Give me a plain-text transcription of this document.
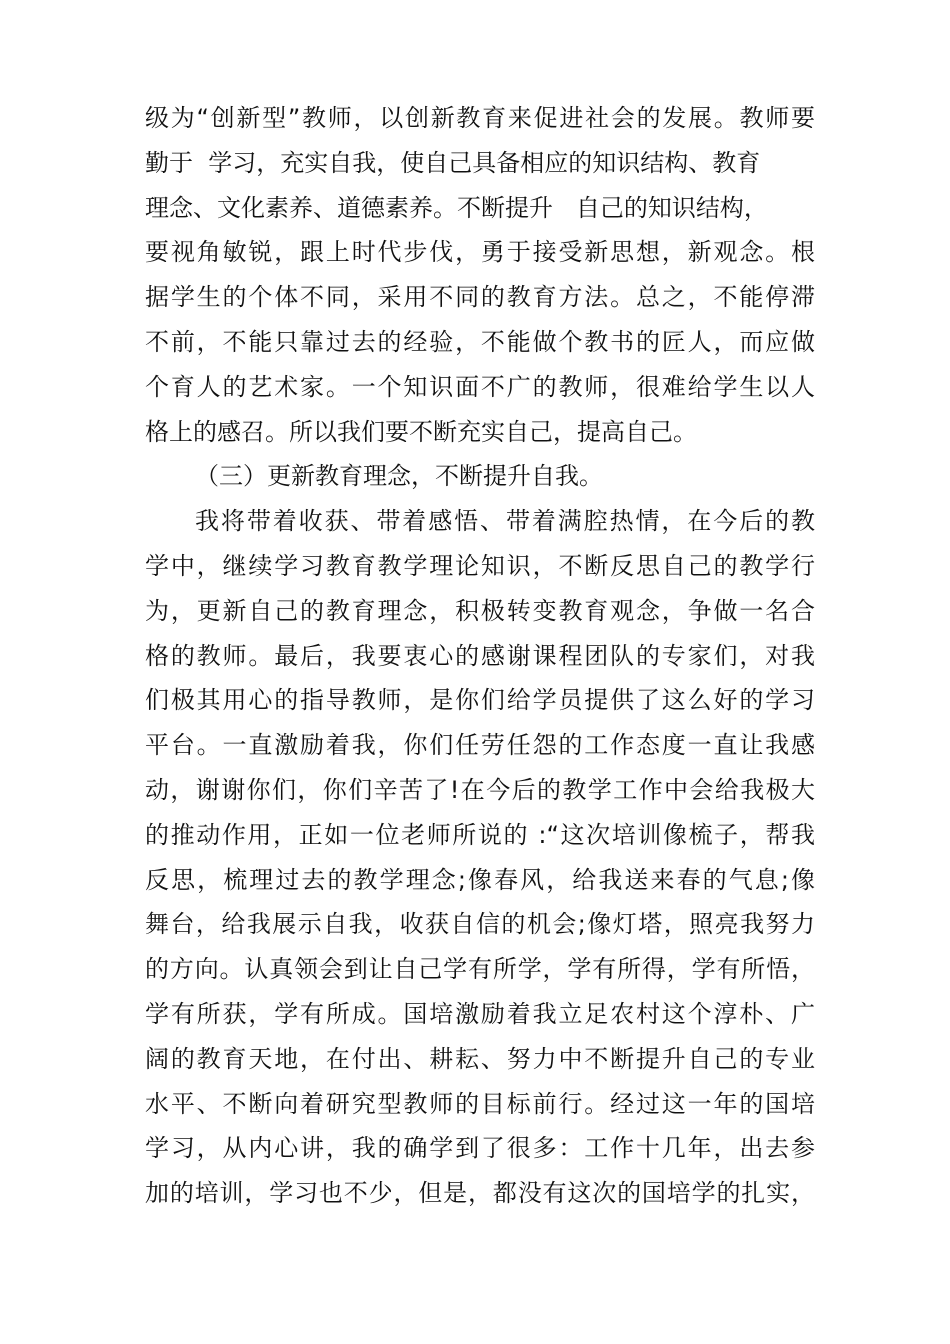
级为“创新型”教师，以创新教育来促进社会的发展。教师要
勤于  学习，充实自我，使自己具备相应的知识结构、教育
理念、文化素养、道德素养。不断提升   自己的知识结构，
要视角敏锐，跟上时代步伐，勇于接受新思想，新观念。根
据学生的个体不同，采用不同的教育方法。总之，不能停滞
不前，不能只靠过去的经验，不能做个教书的匠人，而应做
个育人的艺术家。一个知识面不广的教师，很难给学生以人
格上的感召。所以我们要不断充实自己，提高自己。
（三）更新教育理念，不断提升自我。
我将带着收获、带着感悟、带着满腔热情，在今后的教
学中，继续学习教育教学理论知识，不断反思自己的教学行
为，更新自己的教育理念，积极转变教育观念，争做一名合
格的教师。最后，我要衷心的感谢课程团队的专家们，对我
们极其用心的指导教师，是你们给学员提供了这么好的学习
平台。一直激励着我，你们任劳任怨的工作态度一直让我感
动，谢谢你们，你们辛苦了!在今后的教学工作中会给我极大
的推动作用，正如一位老师所说的 :“这次培训像梳子，帮我
反思，梳理过去的教学理念;像春风，给我送来春的气息;像
舞台，给我展示自我，收获自信的机会;像灯塔，照亮我努力
的方向。认真领会到让自己学有所学，学有所得，学有所悟，
学有所获，学有所成。国培激励着我立足农村这个淳朴、广
阔的教育天地，在付出、耕耘、努力中不断提升自己的专业
水平、不断向着研究型教师的目标前行。经过这一年的国培
学习，从内心讲，我的确学到了很多：工作十几年，出去参
加的培训，学习也不少，但是，都没有这次的国培学的扎实，
